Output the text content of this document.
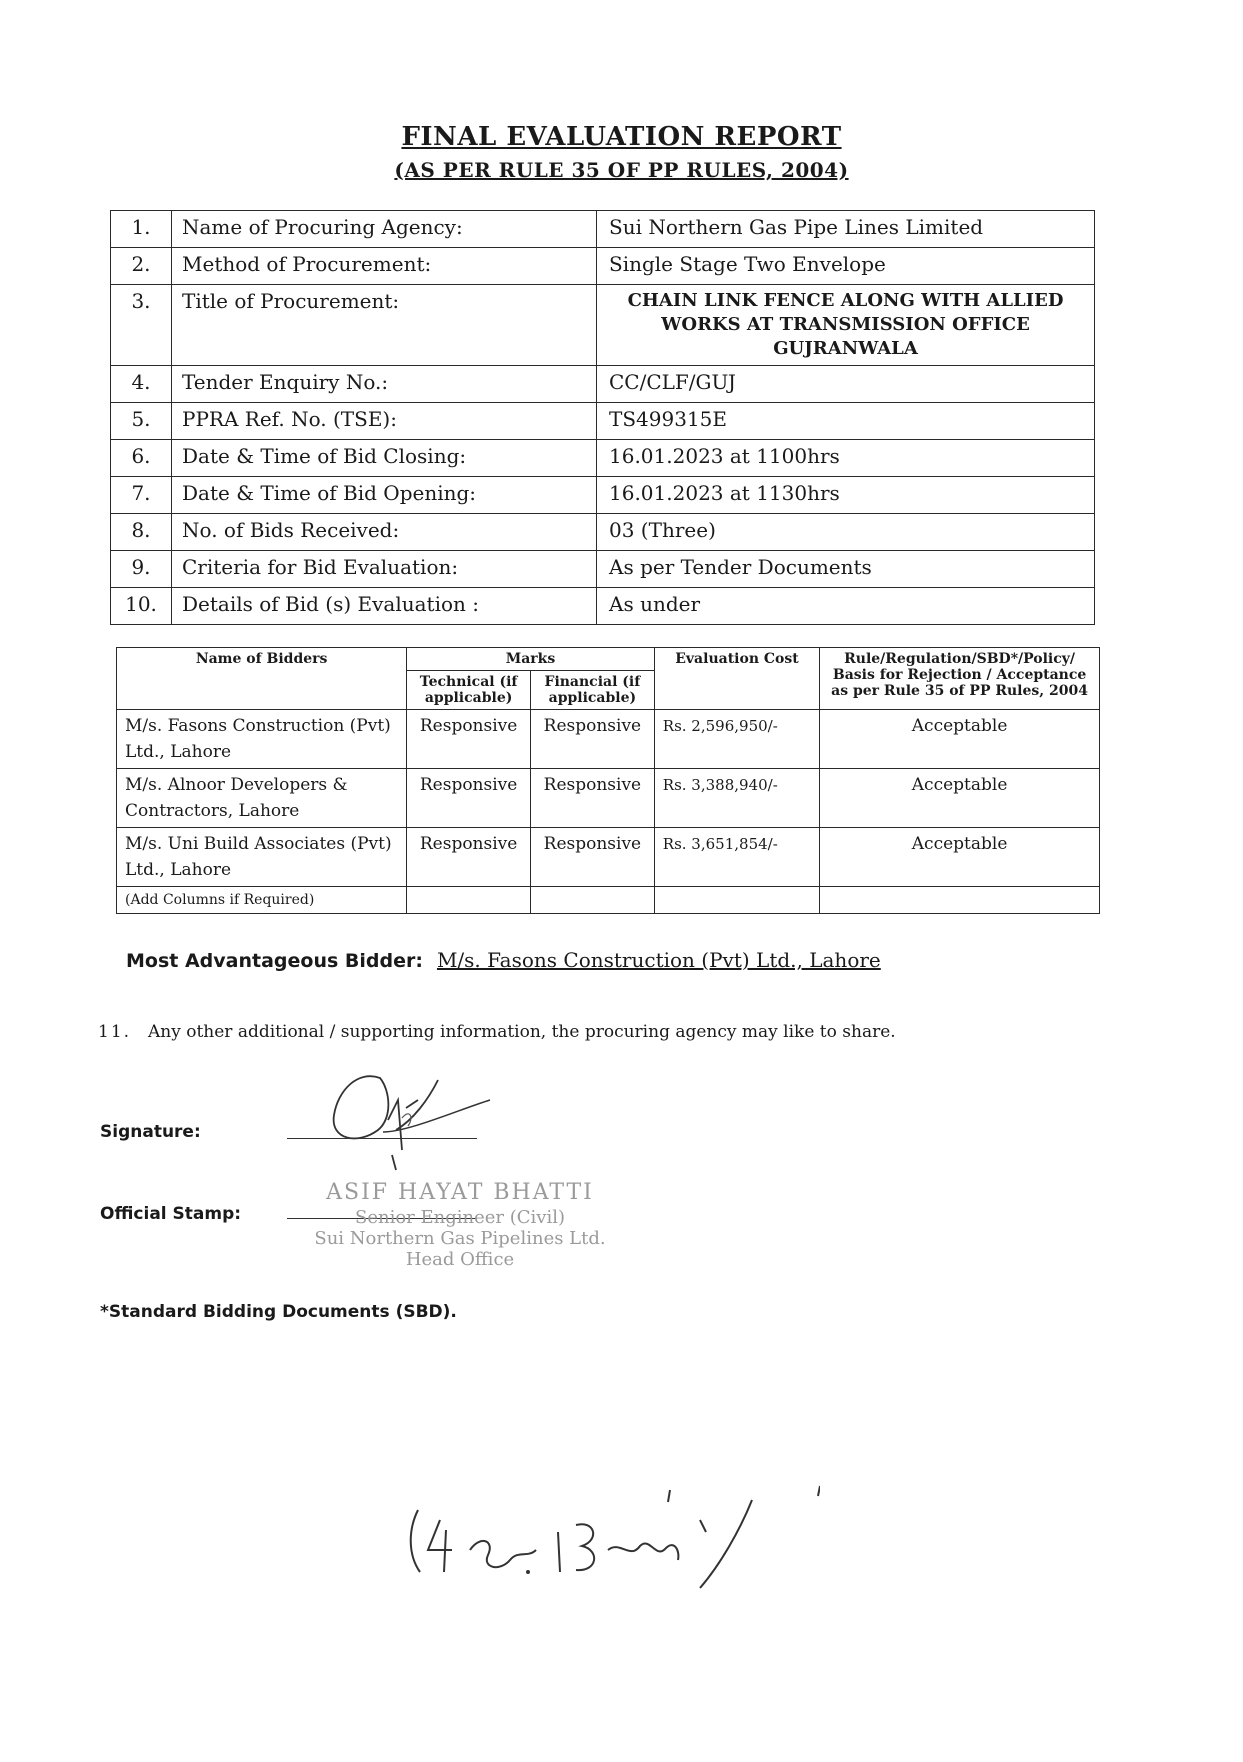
FINAL EVALUATION REPORT
(AS PER RULE 35 OF PP RULES, 2004)
1.	Name of Procuring Agency:	Sui Northern Gas Pipe Lines Limited
2.	Method of Procurement:	Single Stage Two Envelope
3.	Title of Procurement:	CHAIN LINK FENCE ALONG WITH ALLIED WORKS AT TRANSMISSION OFFICE GUJRANWALA
4.	Tender Enquiry No.:	CC/CLF/GUJ
5.	PPRA Ref. No. (TSE):	TS499315E
6.	Date & Time of Bid Closing:	16.01.2023 at 1100hrs
7.	Date & Time of Bid Opening:	16.01.2023 at 1130hrs
8.	No. of Bids Received:	03 (Three)
9.	Criteria for Bid Evaluation:	As per Tender Documents
10.	Details of Bid (s) Evaluation :	As under
Name of Bidders	Marks		Evaluation Cost	Rule/Regulation/SBD*/Policy/ Basis for Rejection / Acceptance as per Rule 35 of PP Rules, 2004
	Technical (if applicable)	Financial (if applicable)		
M/s. Fasons Construction (Pvt) Ltd., Lahore	Responsive	Responsive	Rs. 2,596,950/-	Acceptable
M/s. Alnoor Developers & Contractors, Lahore	Responsive	Responsive	Rs. 3,388,940/-	Acceptable
M/s. Uni Build Associates (Pvt) Ltd., Lahore	Responsive	Responsive	Rs. 3,651,854/-	Acceptable
(Add Columns if Required)				
Most Advantageous Bidder: M/s. Fasons Construction (Pvt) Ltd., Lahore
11. Any other additional / supporting information, the procuring agency may like to share.
Signature:
Official Stamp:
ASIF HAYAT BHATTI
Senior Engineer (Civil)
Sui Northern Gas Pipelines Ltd.
Head Office
*Standard Bidding Documents (SBD).
